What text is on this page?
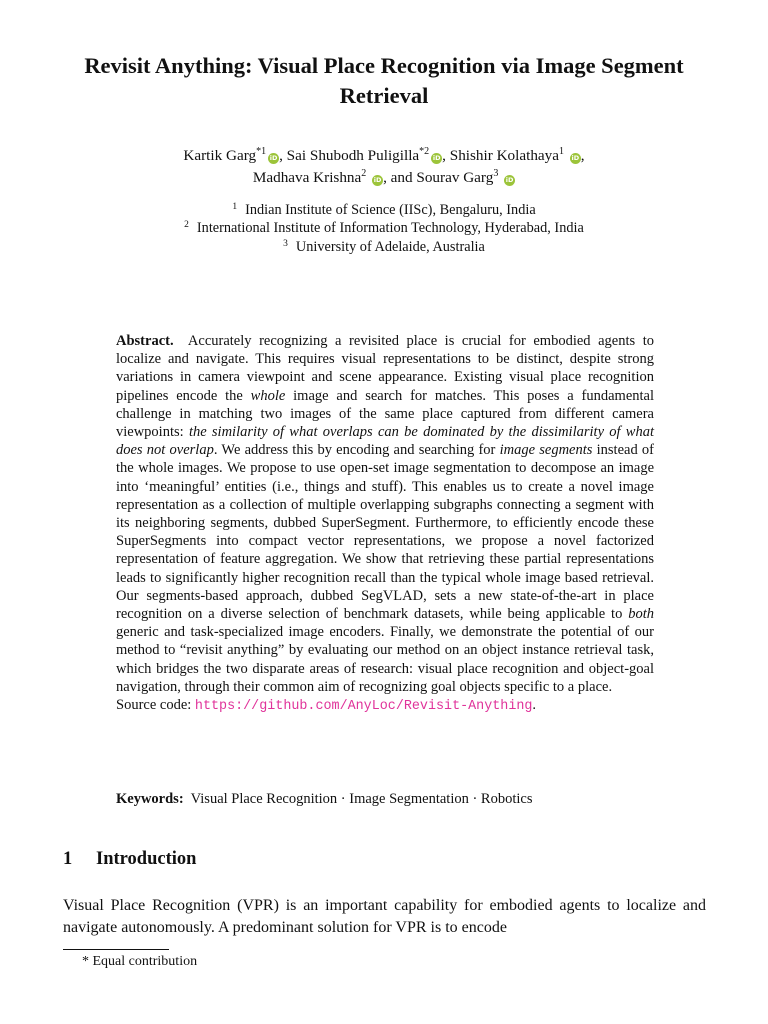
Revisit Anything: Visual Place Recognition via Image Segment Retrieval
Kartik Garg$^{*1}$iD , Sai Shubodh Puligilla$^{*2}$iD , Shishir Kolathaya$^1$ iD ,
Madhava Krishna$^2$ iD , and Sourav Garg$^3$ iD
$^1$ Indian Institute of Science (IISc), Bengaluru, India
$^2$ International Institute of Information Technology, Hyderabad, India
$^3$ University of Adelaide, Australia

Abstract. Accurately recognizing a revisited place is crucial for embodied agents to localize and navigate. This requires visual representations to be distinct, despite strong variations in camera viewpoint and scene appearance. Existing visual place recognition pipelines encode the whole image and search for matches. This poses a fundamental challenge in matching two images of the same place captured from different camera viewpoints: the similarity of what overlaps can be dominated by the dissimilarity of what does not overlap. We address this by encoding and searching for image segments instead of the whole images. We propose to use open-set image segmentation to decompose an image into ‘meaningful’ entities (i.e., things and stuff). This enables us to create a novel image representation as a collection of multiple overlapping subgraphs connecting a segment with its neighboring segments, dubbed SuperSegment. Furthermore, to efficiently encode these SuperSegments into compact vector representations, we propose a novel factorized representation of feature aggregation. We show that retrieving these partial representations leads to significantly higher recognition recall than the typical whole image based retrieval. Our segments-based approach, dubbed SegVLAD, sets a new state-of-the-art in place recognition on a diverse selection of benchmark datasets, while being applicable to both generic and task-specialized image encoders. Finally, we demonstrate the potential of our method to “revisit anything” by evaluating our method on an object instance retrieval task, which bridges the two disparate areas of research: visual place recognition and object-goal navigation, through their common aim of recognizing goal objects specific to a place.
Source code: https://github.com/AnyLoc/Revisit-Anything.

Keywords: Visual Place Recognition · Image Segmentation · Robotics

1 Introduction

Visual Place Recognition (VPR) is an important capability for embodied agents to localize and navigate autonomously. A predominant solution for VPR is to encode

* Equal contribution
